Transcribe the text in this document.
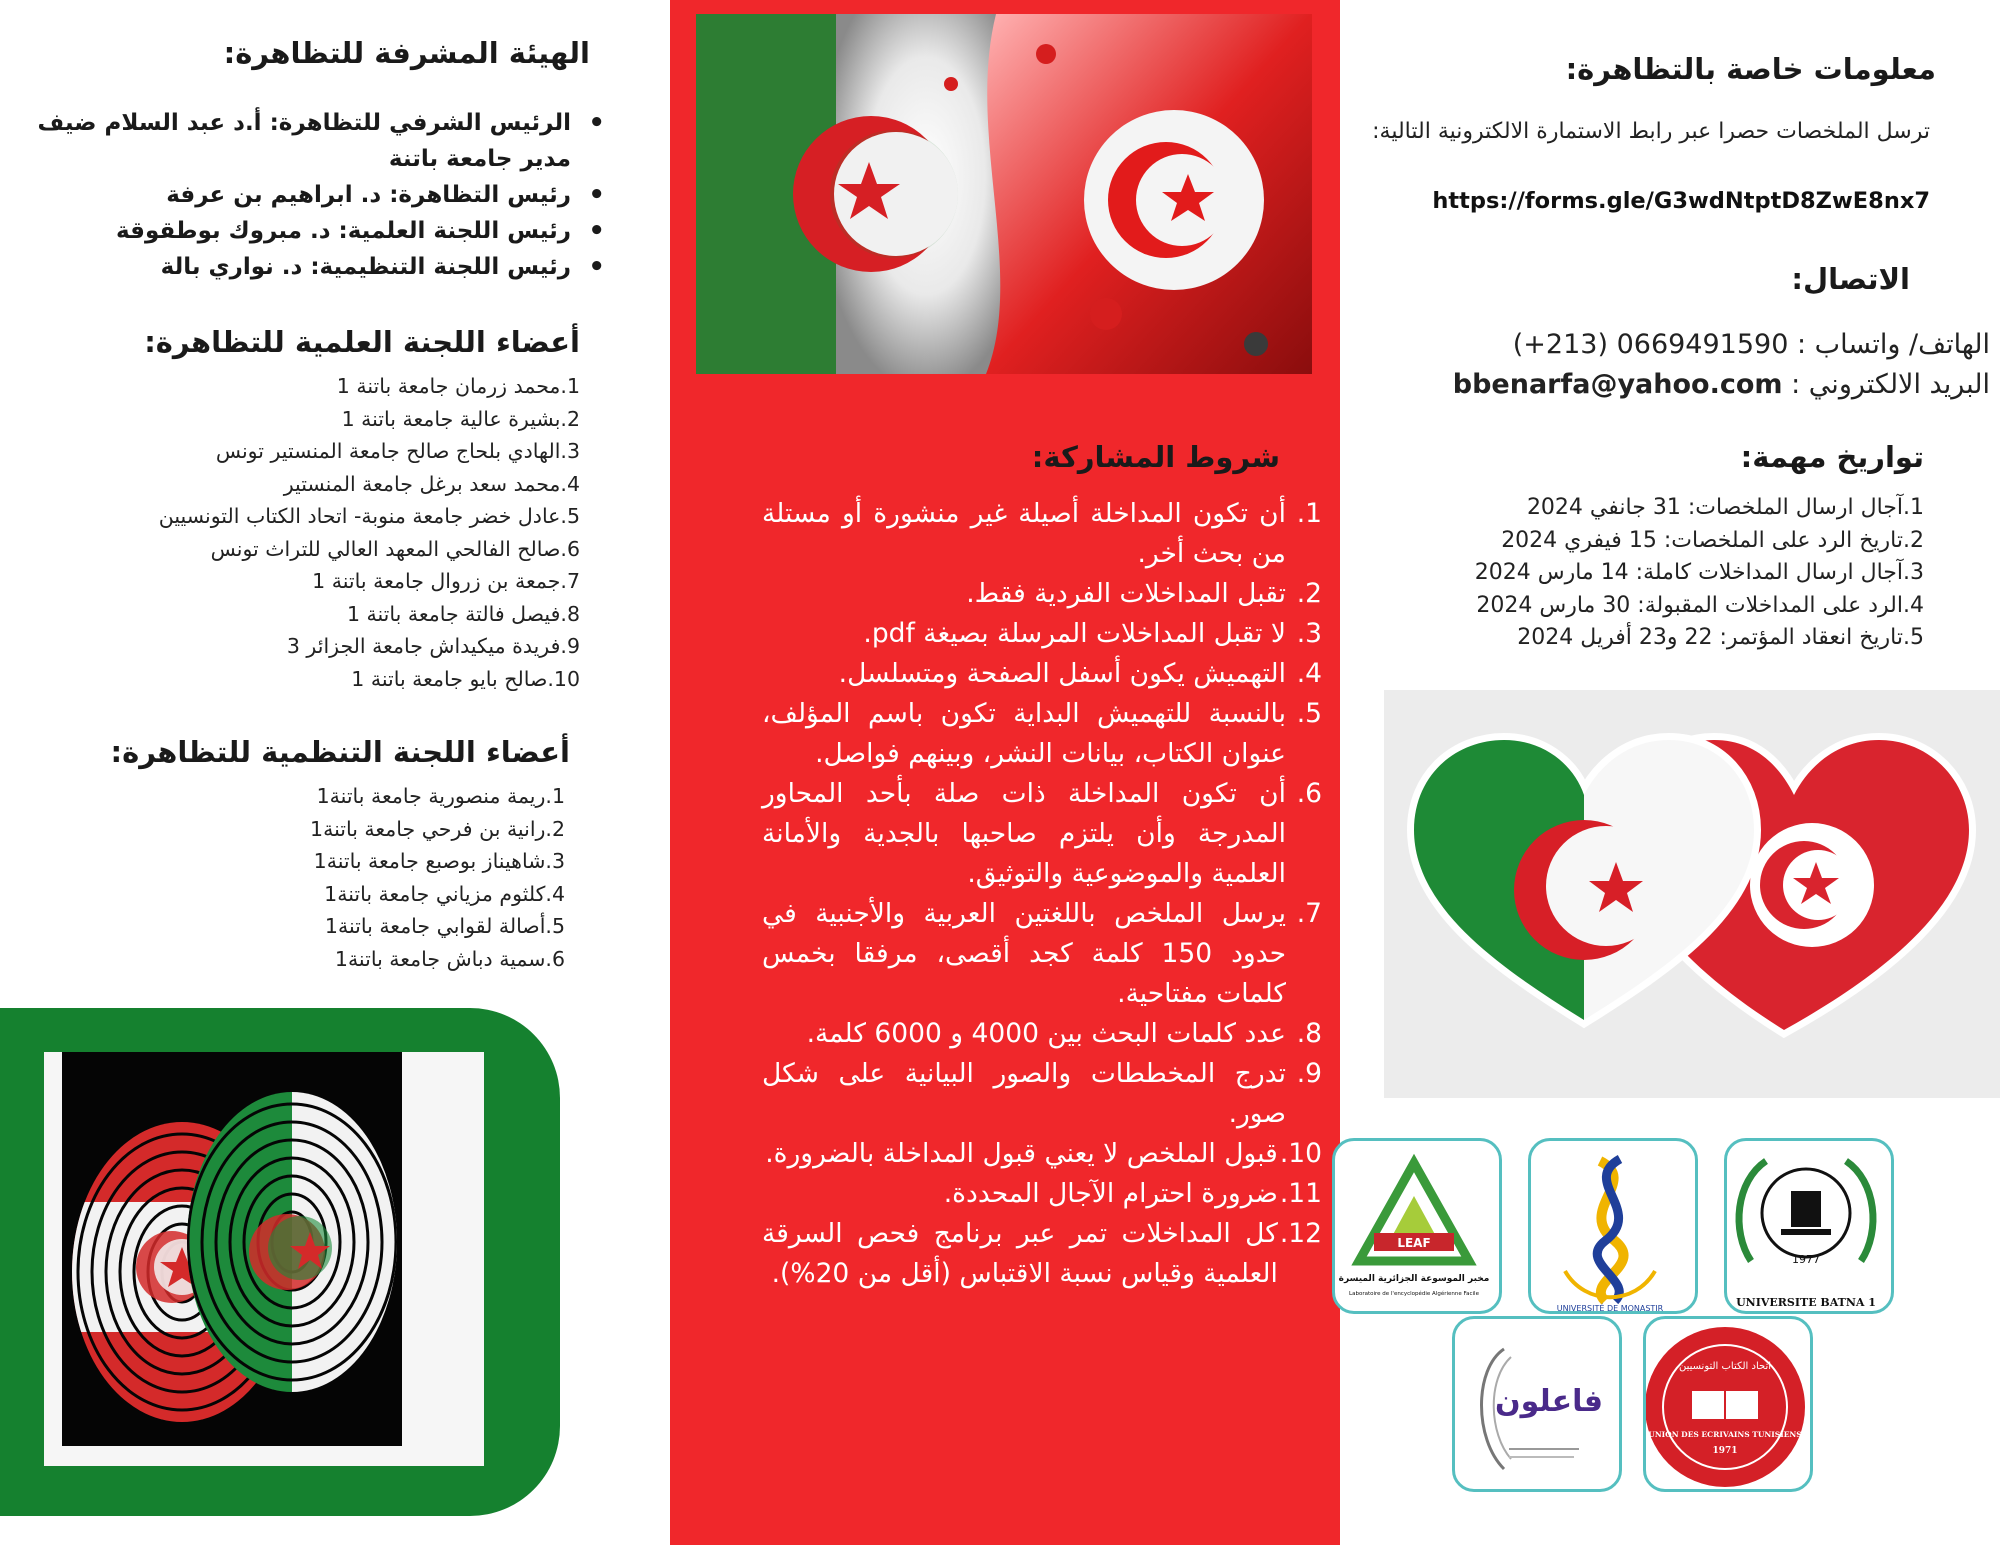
الهيئة المشرفة للتظاهرة:
• الرئيس الشرفي للتظاهرة: أ.د عبد السلام ضيف مدير جامعة باتنة
• رئيس التظاهرة: د. ابراهيم بن عرفة
• رئيس اللجنة العلمية: د. مبروك بوطقوقة
• رئيس اللجنة التنظيمية: د. نواري بالة
أعضاء اللجنة العلمية للتظاهرة:
1.محمد زرمان جامعة باتنة 1
2.بشيرة عالية جامعة باتنة 1
3.الهادي بلحاج صالح جامعة المنستير تونس
4.محمد سعد برغل جامعة المنستير
5.عادل خضر جامعة منوبة- اتحاد الكتاب التونسيين
6.صالح الفالحي المعهد العالي للتراث تونس
7.جمعة بن زروال جامعة باتنة 1
8.فيصل فالتة جامعة باتنة 1
9.فريدة ميكيداش جامعة الجزائر 3
10.صالح بايو جامعة باتنة 1
أعضاء اللجنة التنظمية للتظاهرة:
1.ريمة منصورية جامعة باتنة1
2.رانية بن فرحي جامعة باتنة1
3.شاهيناز بوصبع جامعة باتنة1
4.كلثوم مزياني جامعة باتنة1
5.أصالة لقوابي جامعة باتنة1
6.سمية دباش جامعة باتنة1
شروط المشاركة:
1.
أن تكون المداخلة أصيلة غير منشورة أو مستلة من بحث أخر.
2.
تقبل المداخلات الفردية فقط.
3.
لا تقبل المداخلات المرسلة بصيغة pdf.
4.
التهميش يكون أسفل الصفحة ومتسلسل.
5.
بالنسبة للتهميش البداية تكون باسم المؤلف، عنوان الكتاب، بيانات النشر، وبينهم فواصل.
6.
أن تكون المداخلة ذات صلة بأحد المحاور المدرجة وأن يلتزم صاحبها بالجدية والأمانة العلمية والموضوعية والتوثيق.
7.
يرسل الملخص باللغتين العربية والأجنبية في حدود 150 كلمة كجد أقصى، مرفقا بخمس كلمات مفتاحية.
8.
عدد كلمات البحث بين 4000 و 6000 كلمة.
9.
تدرج المخططات والصور البيانية على شكل صور.
10.
قبول الملخص لا يعني قبول المداخلة بالضرورة.
11.
ضرورة احترام الآجال المحددة.
12.
كل المداخلات تمر عبر برنامج فحص السرقة العلمية وقياس نسبة الاقتباس (أقل من 20%).
معلومات خاصة بالتظاهرة:

ترسل الملخصات حصرا عبر رابط الاستمارة الالكترونية التالية:

https://forms.gle/G3wdNtptD8ZwE8nx7
الاتصال:
الهاتف/ واتساب : 0669491590 (213+)
البريد الالكتروني : bbenarfa@yahoo.com
تواريخ مهمة:
1.آجال ارسال الملخصات: 31 جانفي 2024
2.تاريخ الرد على الملخصات: 15 فيفري 2024
3.آجال ارسال المداخلات كاملة: 14 مارس 2024
4.الرد على المداخلات المقبولة: 30 مارس 2024
5.تاريخ انعقاد المؤتمر: 22 و23 أفريل 2024
1977
UNIVERSITE BATNA 1
UNIVERSITÉ DE MONASTIR
LEAF
مخبر الموسوعة الجزائرية الميسرة
Laboratoire de l'encyclopédie Algérienne Facile
اتحاد الكتاب التونسيين
UNION DES ECRIVAINS TUNISIENS
1971
فاعلون
